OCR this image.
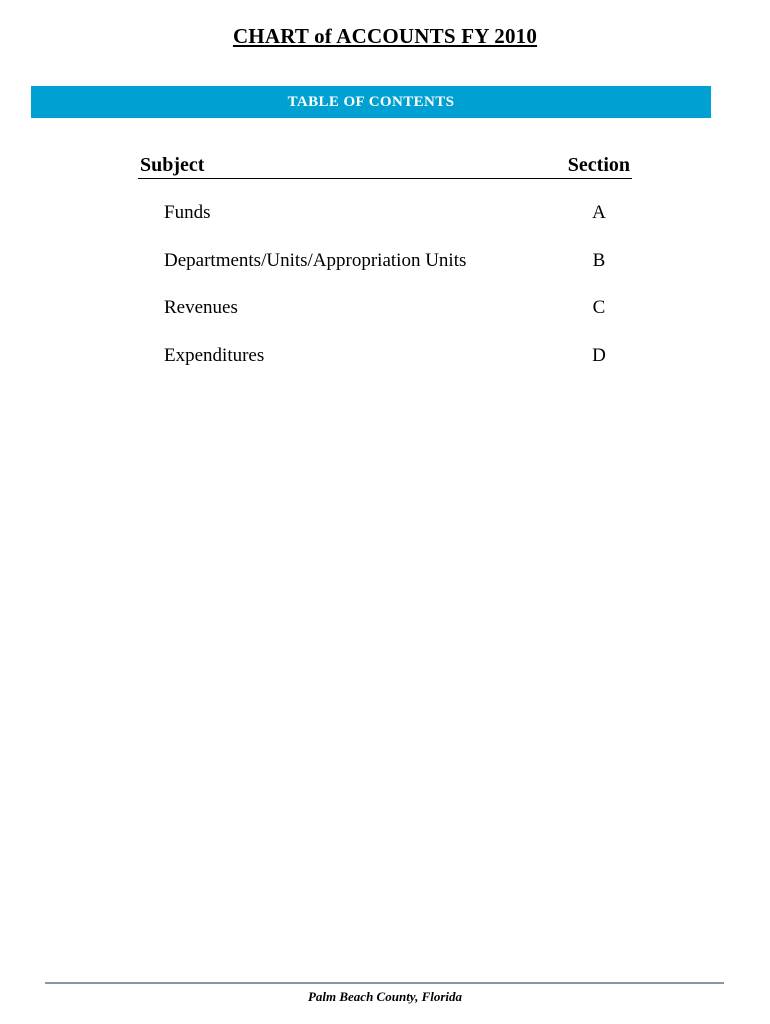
CHART of ACCOUNTS FY 2010
TABLE OF CONTENTS
Subject	Section
Funds	A
Departments/Units/Appropriation Units	B
Revenues	C
Expenditures	D
Palm Beach County, Florida
